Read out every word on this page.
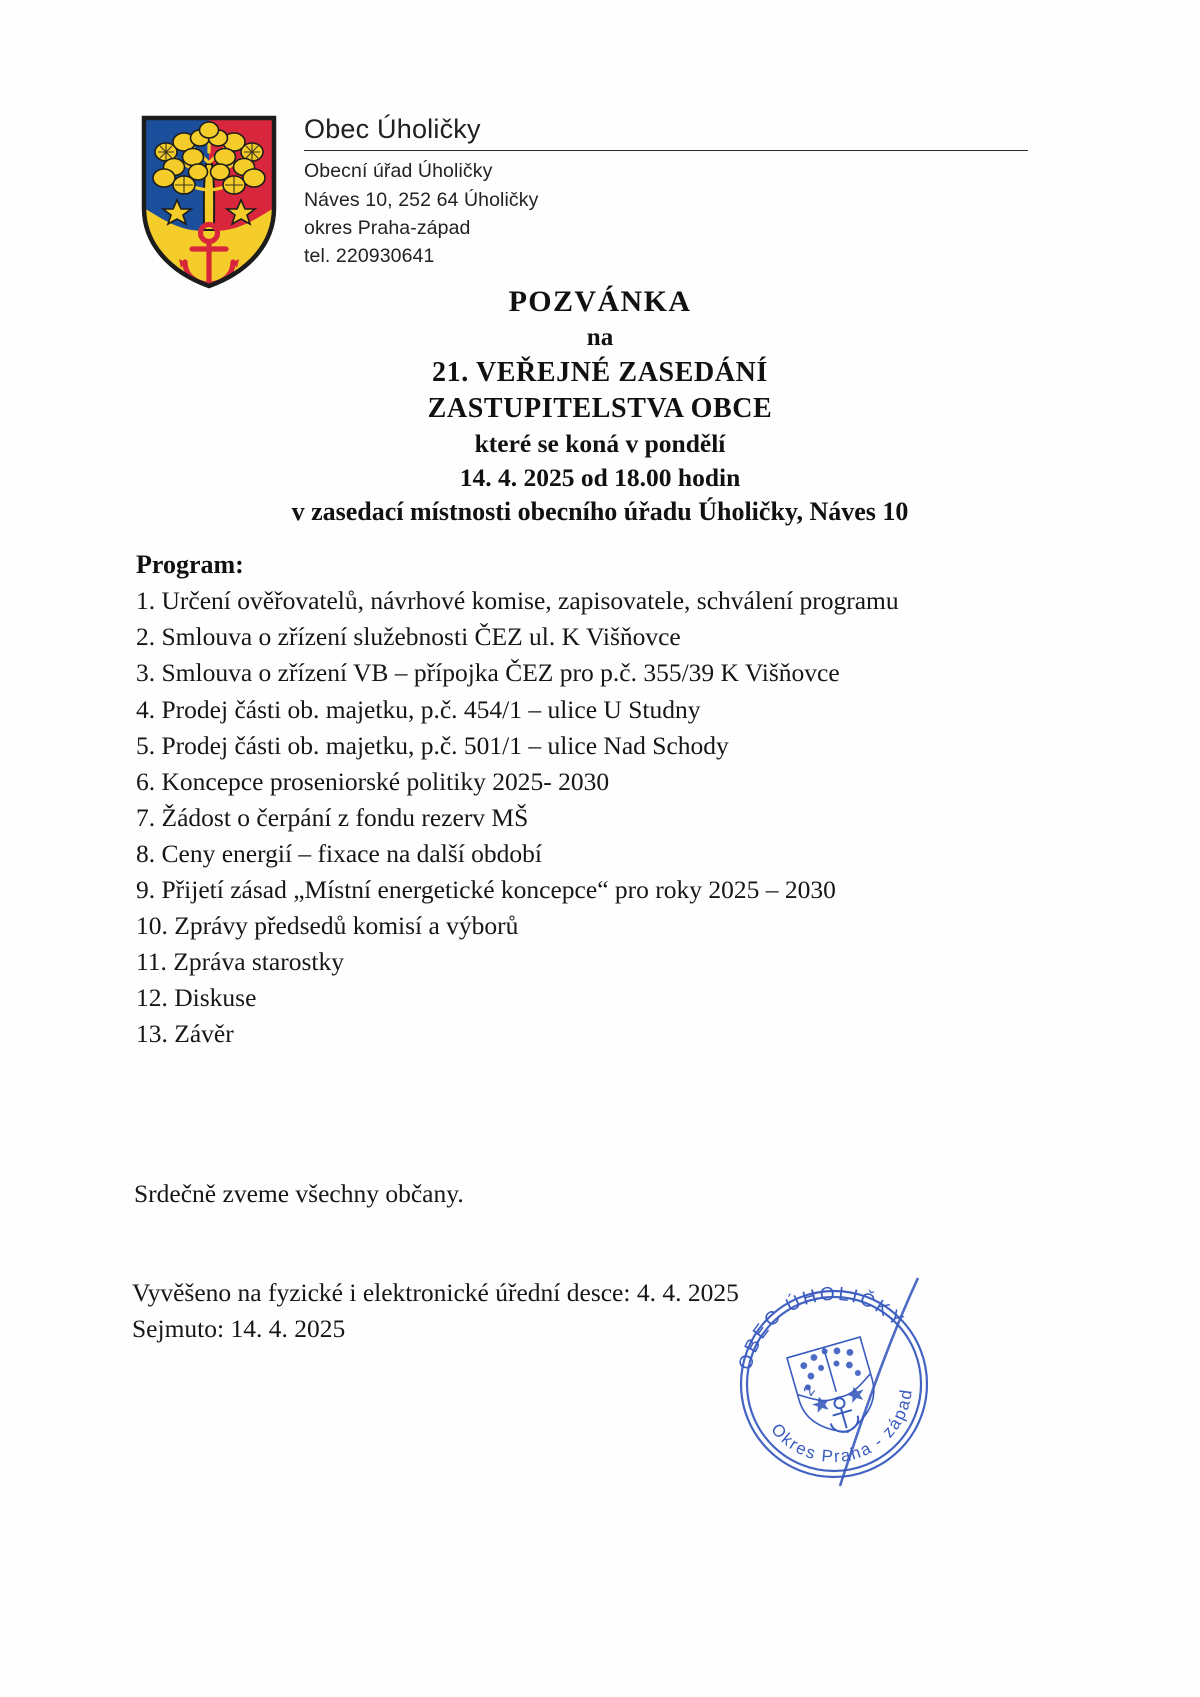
Obec Úholičky
Obecní úřad Úholičky
Náves 10, 252 64 Úholičky
okres Praha-západ
tel. 220930641
POZVÁNKA
na
21. VEŘEJNÉ ZASEDÁNÍ
ZASTUPITELSTVA OBCE
které se koná v pondělí
14. 4. 2025 od 18.00 hodin
v zasedací místnosti obecního úřadu Úholičky, Náves 10
Program:
1. Určení ověřovatelů, návrhové komise, zapisovatele, schválení programu
2. Smlouva o zřízení služebnosti ČEZ ul. K Višňovce
3. Smlouva o zřízení VB – přípojka ČEZ pro p.č. 355/39 K Višňovce
4. Prodej části ob. majetku, p.č. 454/1 – ulice U Studny
5. Prodej části ob. majetku, p.č. 501/1 – ulice Nad Schody
6. Koncepce proseniorské politiky 2025- 2030
7. Žádost o čerpání z fondu rezerv MŠ
8. Ceny energií – fixace na další období
9. Přijetí zásad „Místní energetické koncepce“ pro roky 2025 – 2030
10. Zprávy předsedů komisí a výborů
11. Zpráva starostky
12. Diskuse
13. Závěr
Srdečně zveme všechny občany.
Vyvěšeno na fyzické i elektronické úřední desce: 4. 4. 2025
Sejmuto: 14. 4. 2025
OBEC ÚHOLIČKY
Okres Praha - západ
2
